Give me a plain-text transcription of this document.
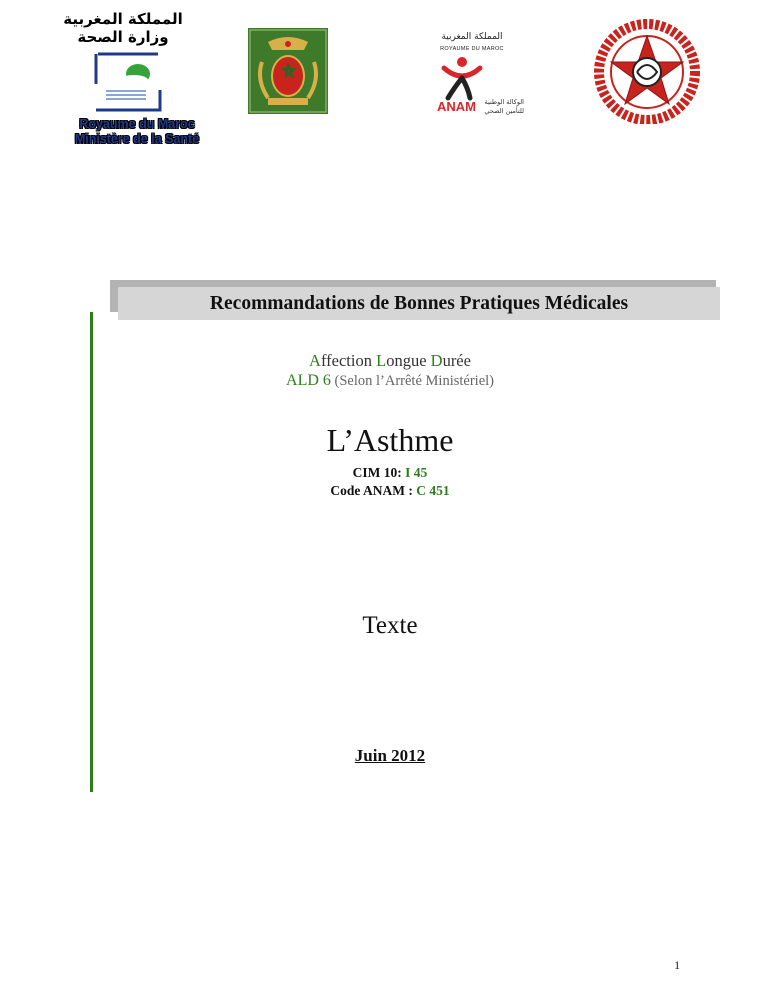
المملكة المغربية
وزارة الصحة
Royaume du Maroc
Ministère de la Santé
المملكة المغربية
ROYAUME DU MAROC
ANAM	الوكالة الوطنية
للتأمين الصحي
Recommandations de Bonnes Pratiques Médicales
Affection Longue Durée
ALD 6 (Selon l’Arrêté Ministériel)
L’Asthme
CIM 10: I 45
Code ANAM : C 451
Texte
Juin 2012
1
